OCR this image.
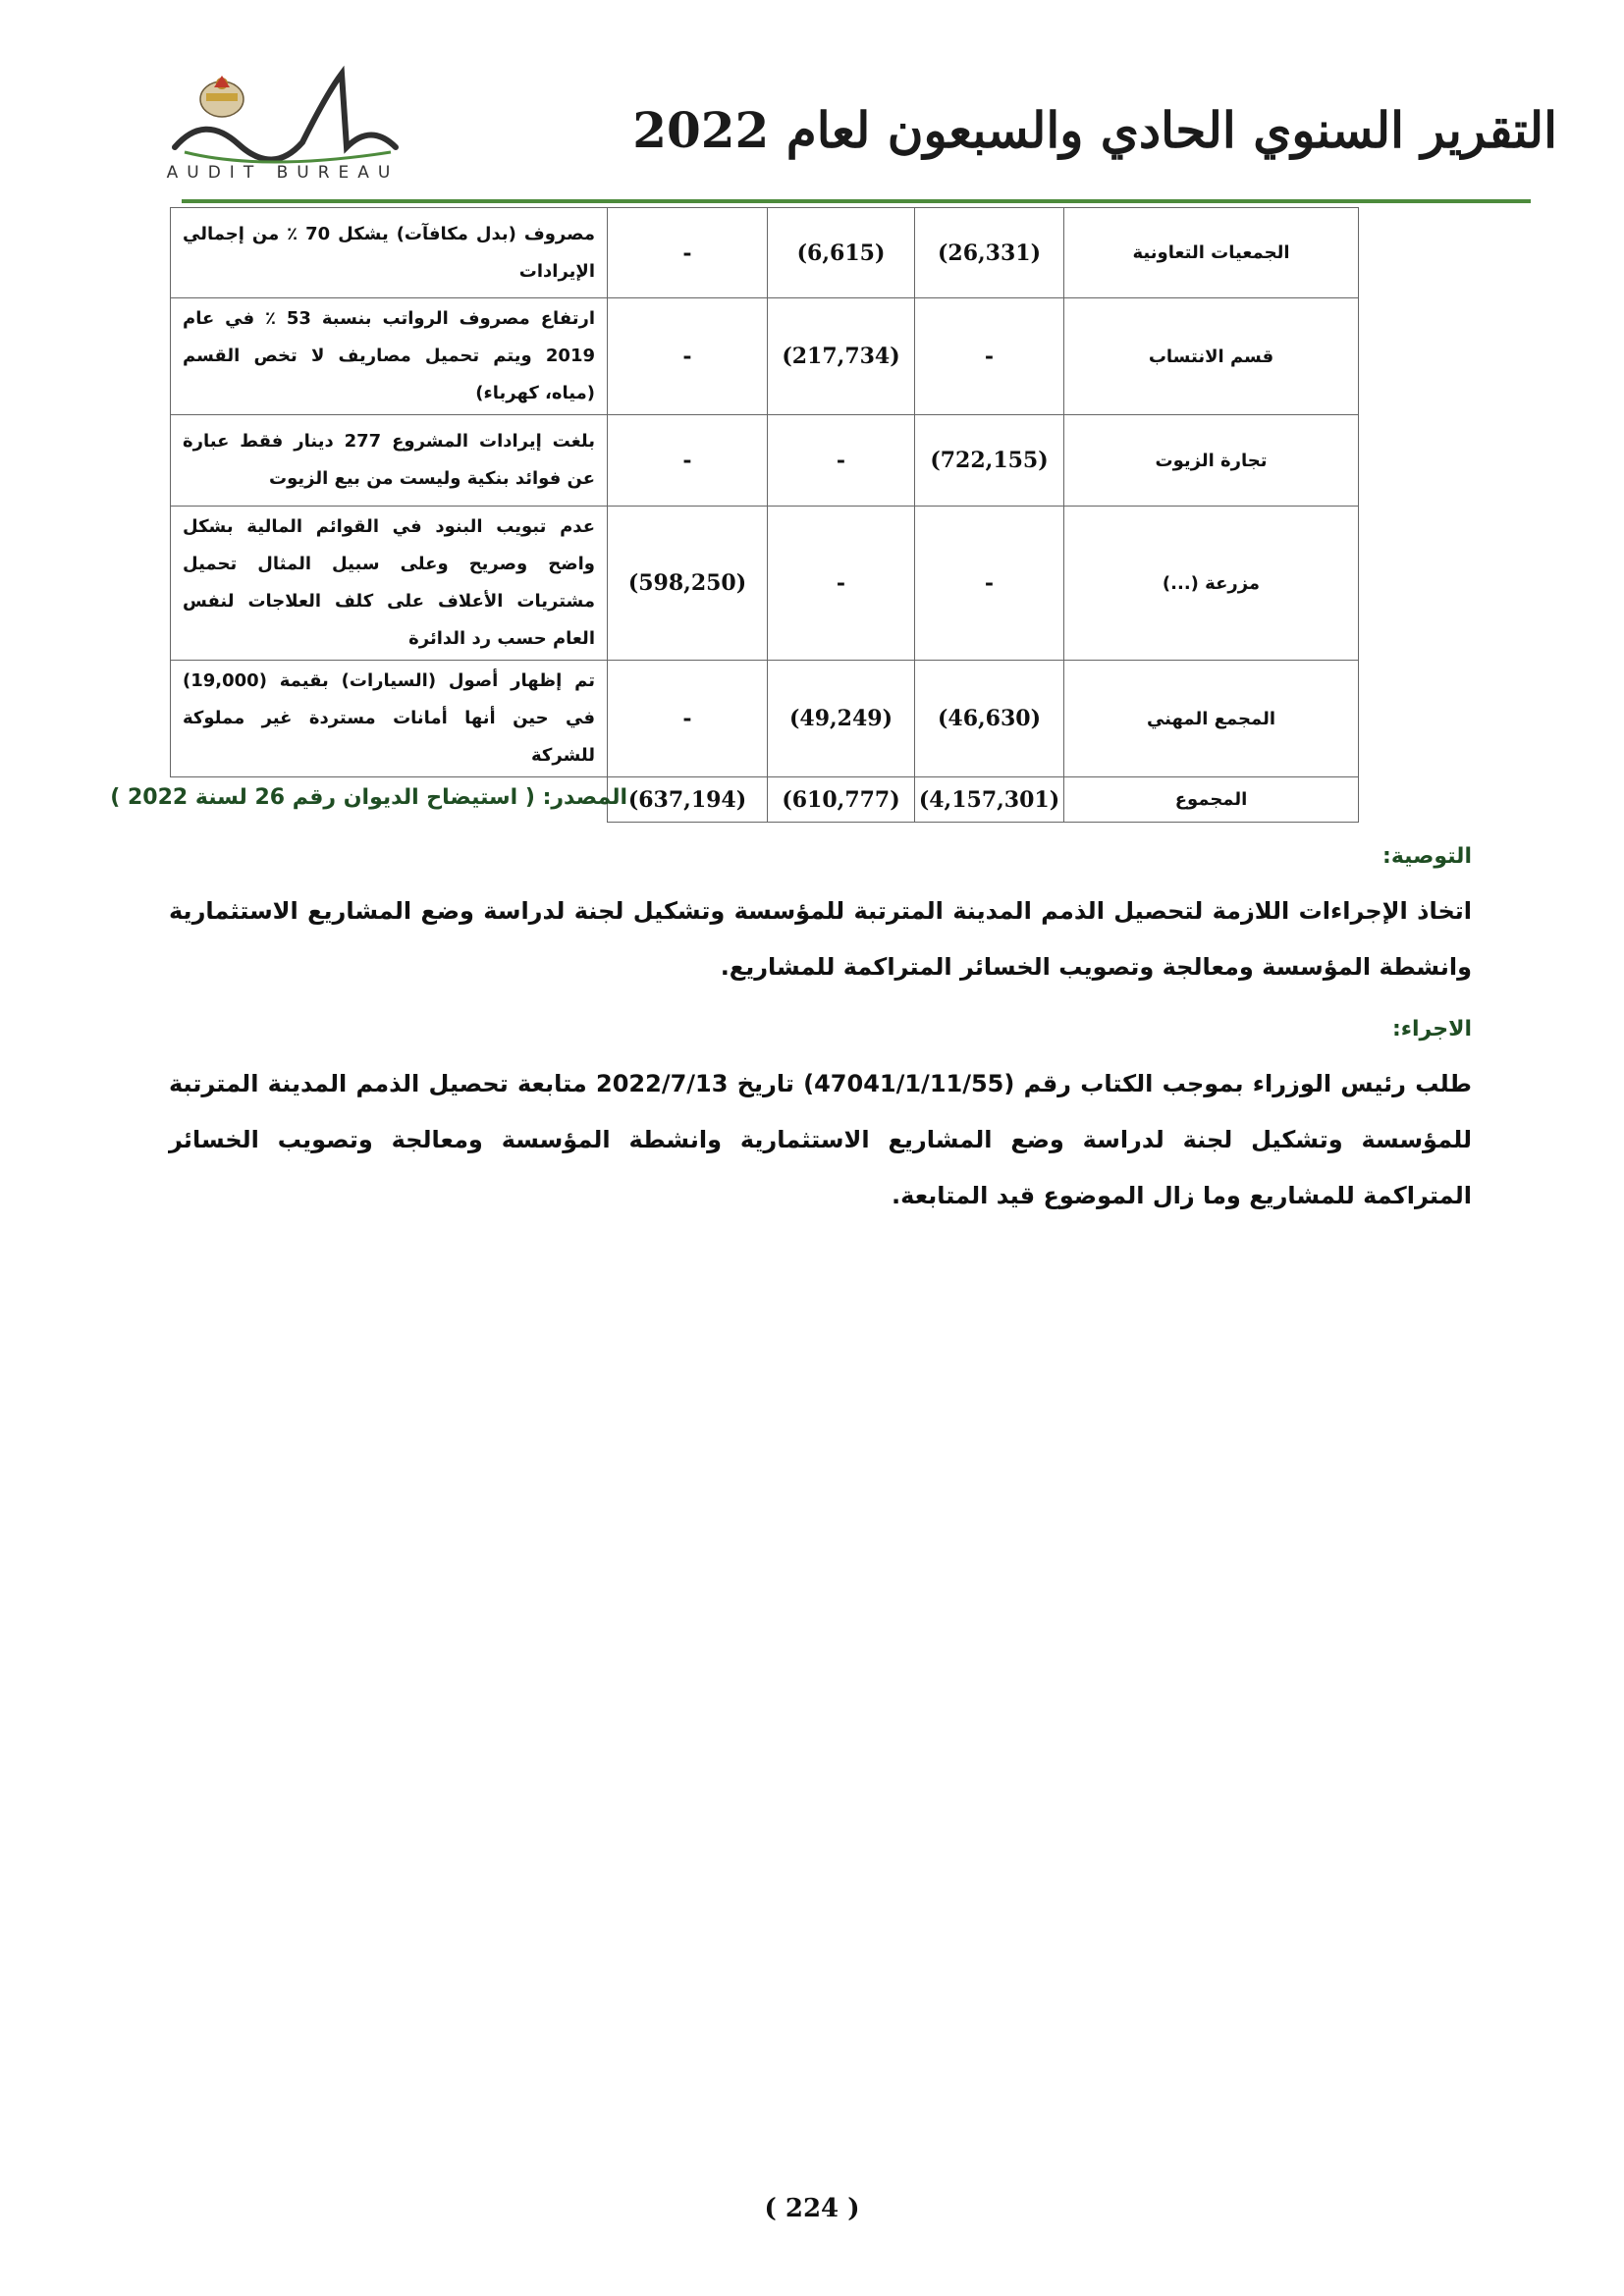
AUDIT BUREAU
التقرير السنوي الحادي والسبعون لعام 2022
الجمعيات التعاونية	(26,331)	(6,615)	-	مصروف (بدل مكافآت) يشكل 70 ٪ من إجمالي الإيرادات
قسم الانتساب	-	(217,734)	-	ارتفاع مصروف الرواتب بنسبة 53 ٪ في عام 2019 ويتم تحميل مصاريف لا تخص القسم (مياه، كهرباء)
تجارة الزيوت	(722,155)	-	-	بلغت إيرادات المشروع 277 دينار فقط عبارة عن فوائد بنكية وليست من بيع الزيوت
مزرعة (...)	-	-	(598,250)	عدم تبويب البنود في القوائم المالية بشكل واضح وصريح وعلى سبيل المثال تحميل مشتريات الأعلاف على كلف العلاجات لنفس العام حسب رد الدائرة
المجمع المهني	(46,630)	(49,249)	-	تم إظهار أصول (السيارات) بقيمة (19,000) في حين أنها أمانات مستردة غير مملوكة للشركة
المجموع	(4,157,301)	(610,777)	(637,194)	
المصدر: ( استيضاح الديوان رقم 26 لسنة 2022 )
التوصية:
اتخاذ الإجراءات اللازمة لتحصيل الذمم المدينة المترتبة للمؤسسة وتشكيل لجنة لدراسة وضع المشاريع الاستثمارية وانشطة المؤسسة ومعالجة وتصويب الخسائر المتراكمة للمشاريع.
الاجراء:
طلب رئيس الوزراء بموجب الكتاب رقم (47041/1/11/55) تاريخ 2022/7/13 متابعة تحصيل الذمم المدينة المترتبة للمؤسسة وتشكيل لجنة لدراسة وضع المشاريع الاستثمارية وانشطة المؤسسة ومعالجة وتصويب الخسائر المتراكمة للمشاريع وما زال الموضوع قيد المتابعة.
( 224 )
